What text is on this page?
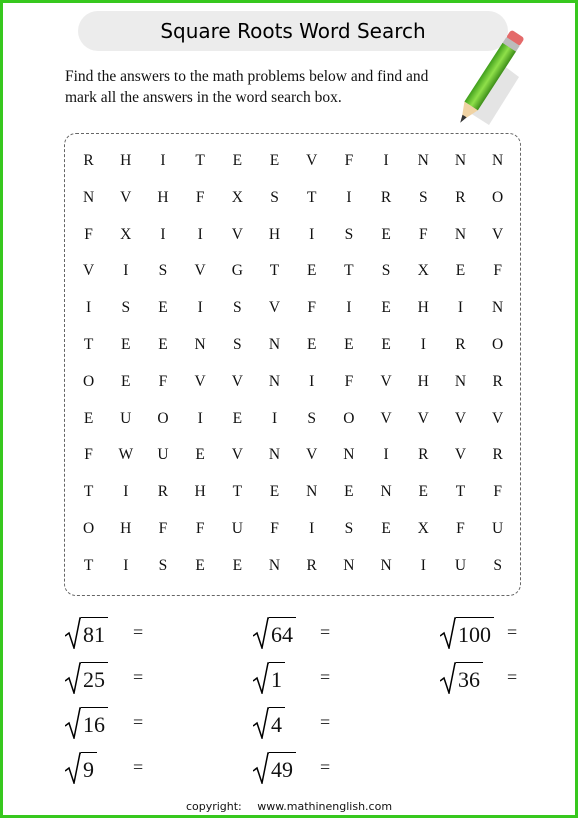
Square Roots Word Search
Find the answers to the math problems below and find and mark all the answers in the word search box.
R	H	I	T	E	E	V	F	I	N	N	N
N	V	H	F	X	S	T	I	R	S	R	O
F	X	I	I	V	H	I	S	E	F	N	V
V	I	S	V	G	T	E	T	S	X	E	F
I	S	E	I	S	V	F	I	E	H	I	N
T	E	E	N	S	N	E	E	E	I	R	O
O	E	F	V	V	N	I	F	V	H	N	R
E	U	O	I	E	I	S	O	V	V	V	V
F	W	U	E	V	N	V	N	I	R	V	R
T	I	R	H	T	E	N	E	N	E	T	F
O	H	F	F	U	F	I	S	E	X	F	U
T	I	S	E	E	N	R	N	N	I	U	S
81 =	64 =	100 =
25 =	1 =	36 =
16 =	4 =
9 =	49 =
copyright: www.mathinenglish.com
